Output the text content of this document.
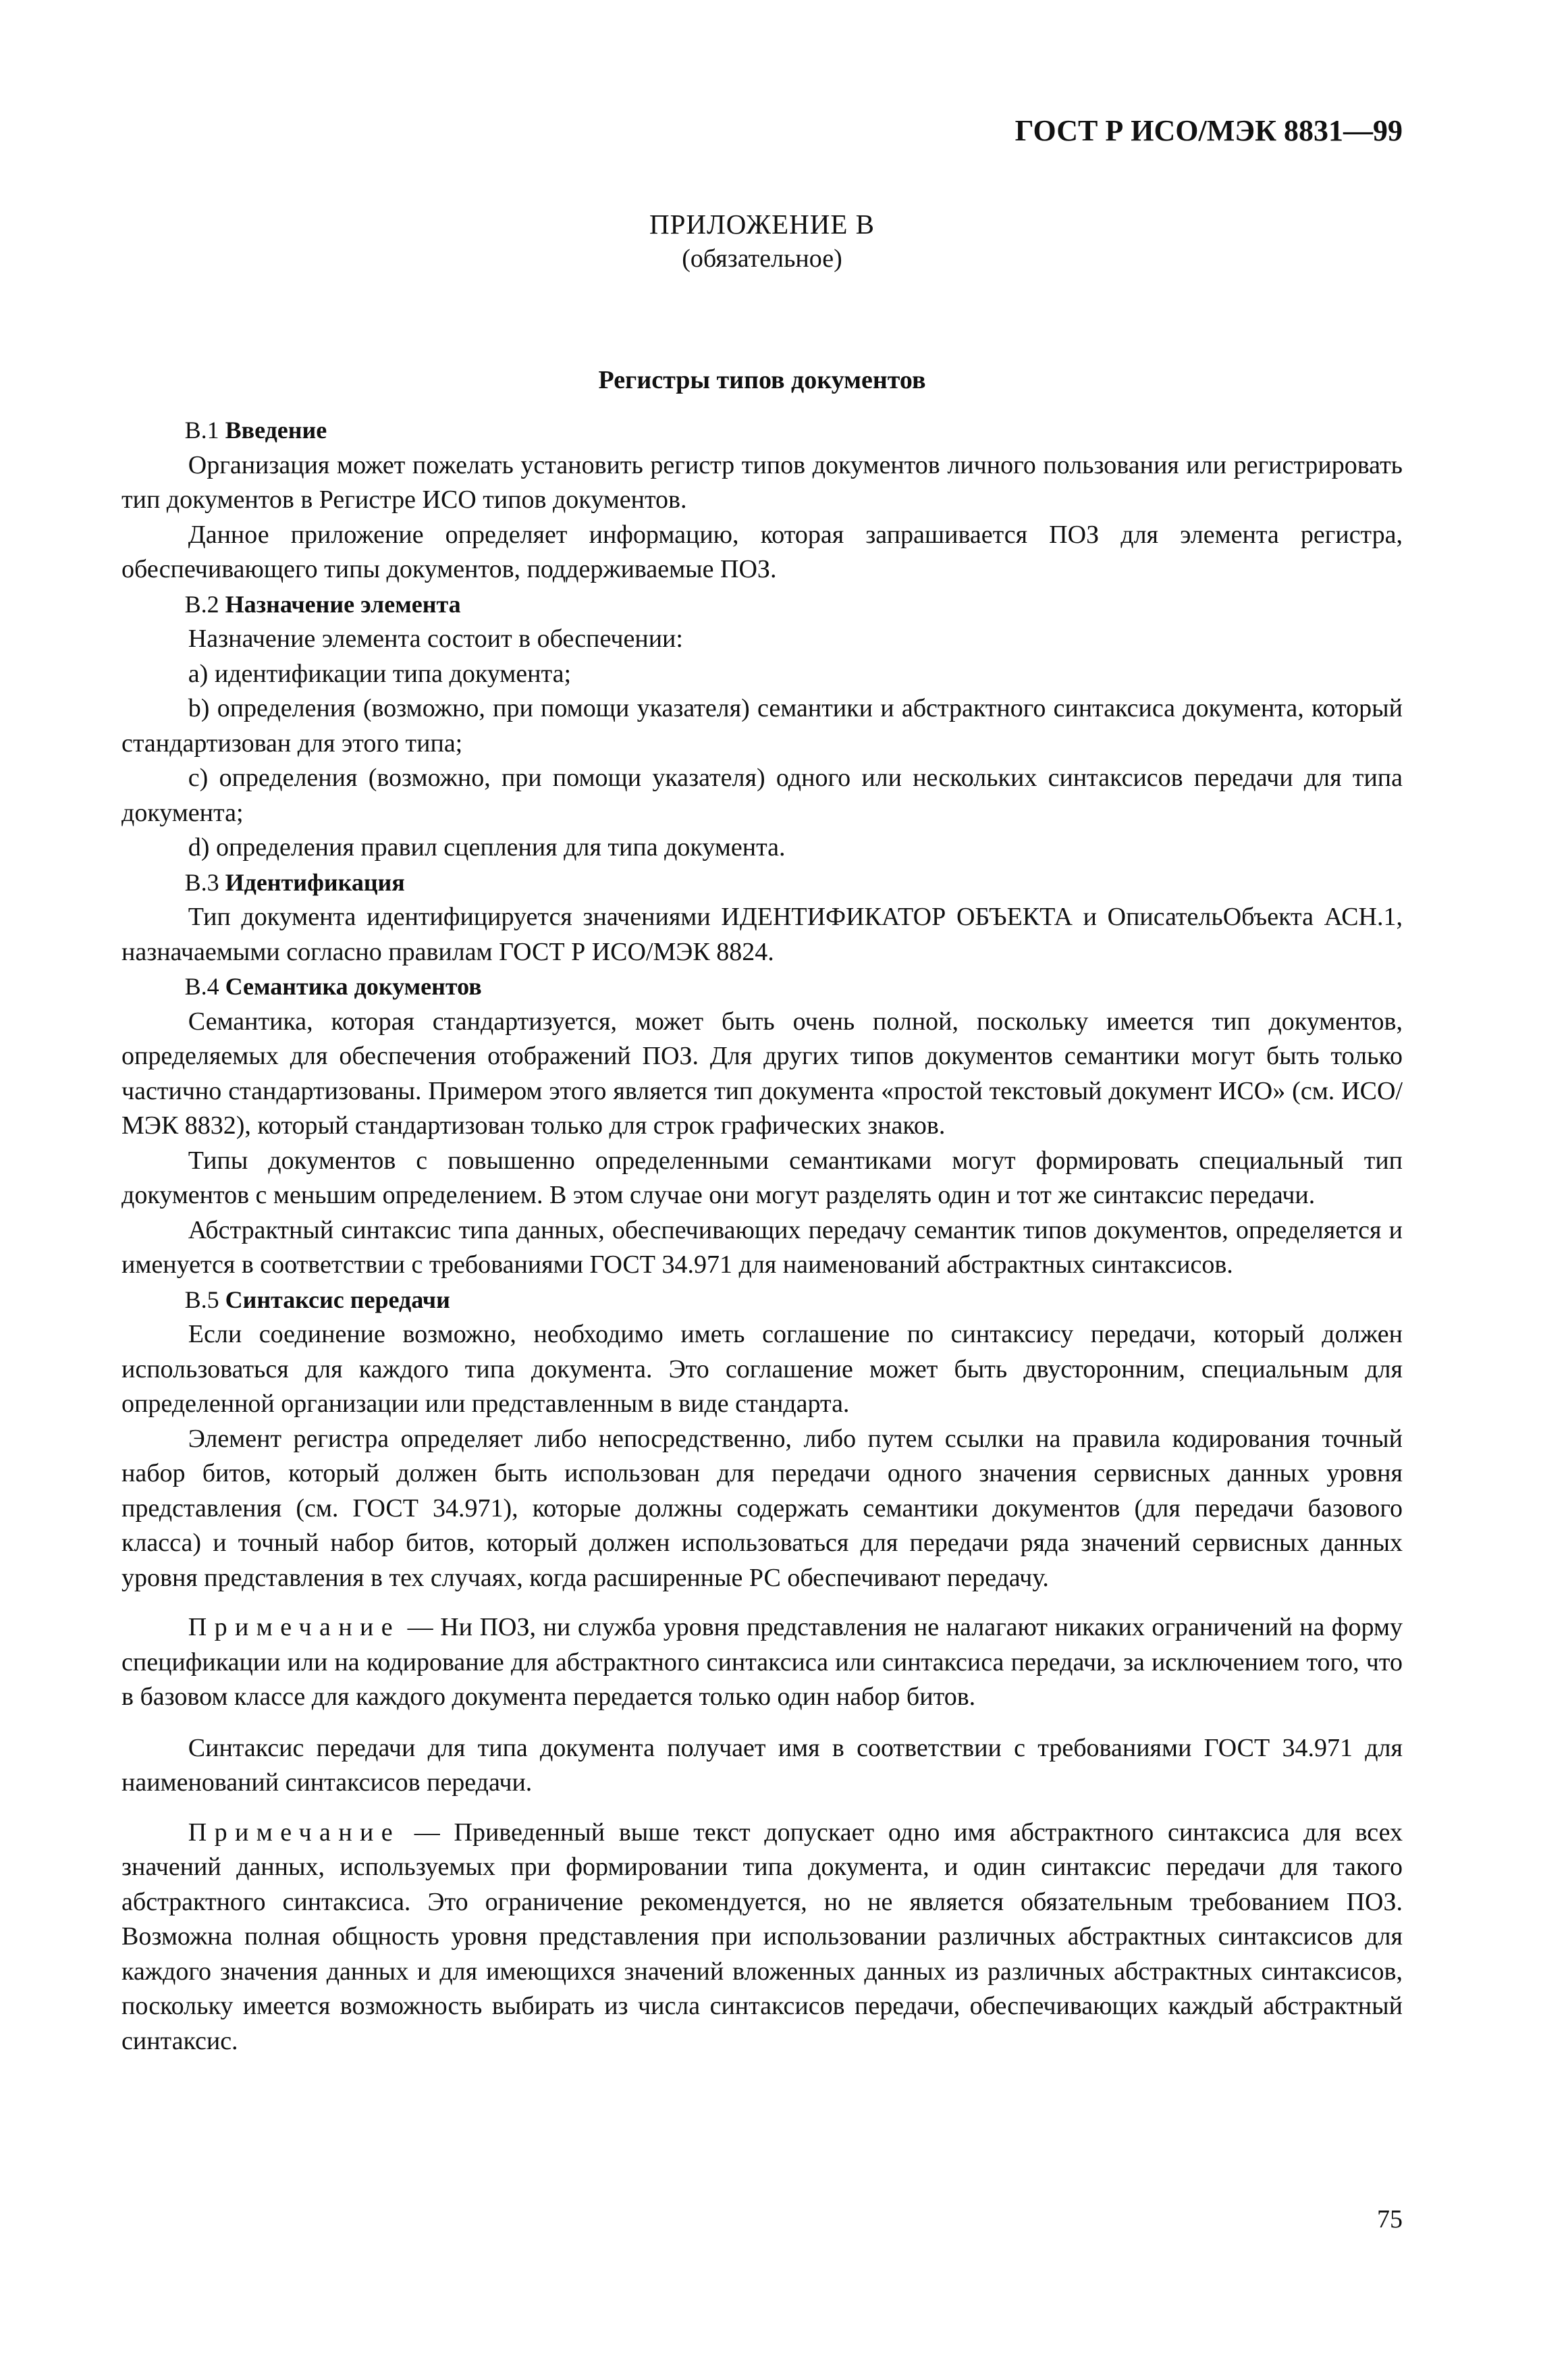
ГОСТ Р ИСО/МЭК 8831—99
ПРИЛОЖЕНИЕ В
(обязательное)
Регистры типов документов

В.1 Введение

Организация может пожелать установить регистр типов документов личного пользования или регистрировать тип документов в Регистре ИСО типов документов.

Данное приложение определяет информацию, которая запрашивается ПОЗ для элемента регистра, обеспечивающего типы документов, поддерживаемые ПОЗ.

В.2 Назначение элемента

Назначение элемента состоит в обеспечении:

a) идентификации типа документа;

b) определения (возможно, при помощи указателя) семантики и абстрактного синтаксиса документа, который стандартизован для этого типа;

c) определения (возможно, при помощи указателя) одного или нескольких синтаксисов передачи для типа документа;

d) определения правил сцепления для типа документа.

В.3 Идентификация

Тип документа идентифицируется значениями ИДЕНТИФИКАТОР ОБЪЕКТА и ОписательОбъекта АСН.1, назначаемыми согласно правилам ГОСТ Р ИСО/МЭК 8824.

В.4 Семантика документов

Семантика, которая стандартизуется, может быть очень полной, поскольку имеется тип документов, определяемых для обеспечения отображений ПОЗ. Для других типов документов семантики могут быть только частично стандартизованы. Примером этого является тип документа «простой текстовый документ ИСО» (см. ИСО/МЭК 8832), который стандартизован только для строк графических знаков.

Типы документов с повышенно определенными семантиками могут формировать специальный тип документов с меньшим определением. В этом случае они могут разделять один и тот же синтаксис передачи.

Абстрактный синтаксис типа данных, обеспечивающих передачу семантик типов документов, определяется и именуется в соответствии с требованиями ГОСТ 34.971 для наименований абстрактных синтаксисов.

В.5 Синтаксис передачи

Если соединение возможно, необходимо иметь соглашение по синтаксису передачи, который должен использоваться для каждого типа документа. Это соглашение может быть двусторонним, специальным для определенной организации или представленным в виде стандарта.

Элемент регистра определяет либо непосредственно, либо путем ссылки на правила кодирования точный набор битов, который должен быть использован для передачи одного значения сервисных данных уровня представления (см. ГОСТ 34.971), которые должны содержать семантики документов (для передачи базового класса) и точный набор битов, который должен использоваться для передачи ряда значений сервисных данных уровня представления в тех случаях, когда расширенные РС обеспечивают передачу.

Примечание — Ни ПОЗ, ни служба уровня представления не налагают никаких ограничений на форму спецификации или на кодирование для абстрактного синтаксиса или синтаксиса передачи, за исключением того, что в базовом классе для каждого документа передается только один набор битов.

Синтаксис передачи для типа документа получает имя в соответствии с требованиями ГОСТ 34.971 для наименований синтаксисов передачи.

Примечание — Приведенный выше текст допускает одно имя абстрактного синтаксиса для всех значений данных, используемых при формировании типа документа, и один синтаксис передачи для такого абстрактного синтаксиса. Это ограничение рекомендуется, но не является обязательным требованием ПОЗ. Возможна полная общность уровня представления при использовании различных абстрактных синтаксисов для каждого значения данных и для имеющихся значений вложенных данных из различных абстрактных синтаксисов, поскольку имеется возможность выбирать из числа синтаксисов передачи, обеспечивающих каждый абстрактный синтаксис.

75
